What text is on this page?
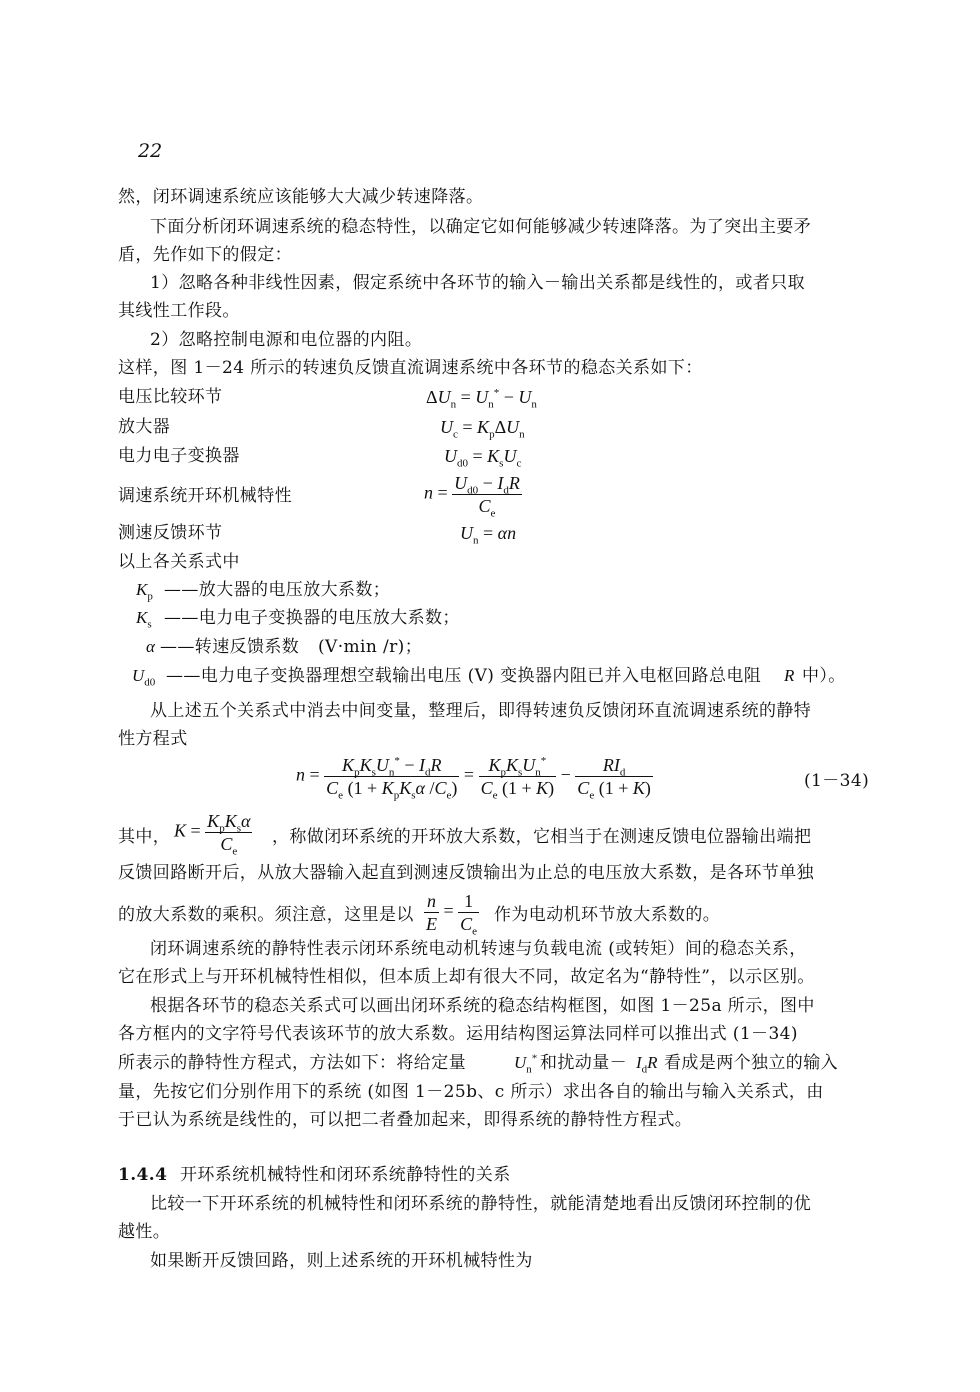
22
然，闭环调速系统应该能够大大减少转速降落。
下面分析闭环调速系统的稳态特性，以确定它如何能够减少转速降落。为了突出主要矛
盾，先作如下的假定：
1）忽略各种非线性因素，假定系统中各环节的输入－输出关系都是线性的，或者只取
其线性工作段。
2）忽略控制电源和电位器的内阻。
这样，图 1－24 所示的转速负反馈直流调速系统中各环节的稳态关系如下：
电压比较环节	$\Delta U_n = U_n^* - U_n$
放大器	$U_c = K_p\Delta U_n$
电力电子变换器	$U_{d0} = K_sU_c$
调速系统开环机械特性	$n = \frac{U_{d0} - I_dR}{C_e}$
测速反馈环节	$U_n = \alpha n$
以上各关系式中
$K_p$ ——放大器的电压放大系数；
$K_s$ ——电力电子变换器的电压放大系数；
α ——转速反馈系数 (V·min /r)；
$U_{d0}$ ——电力电子变换器理想空载输出电压 (V) 变换器内阻已并入电枢回路总电阻 R 中）。
从上述五个关系式中消去中间变量，整理后，即得转速负反馈闭环直流调速系统的静特
性方程式
$n = \frac{K_pK_sU_n^* - I_dR}{C_e (1 + K_pK_s\alpha /C_e)} = \frac{K_pK_sU_n^*}{C_e (1 + K)} - \frac{RI_d}{C_e (1 + K)}$	(1－34)
其中， $K = \frac{K_pK_s\alpha}{C_e}$ ，称做闭环系统的开环放大系数，它相当于在测速反馈电位器输出端把
反馈回路断开后，从放大器输入起直到测速反馈输出为止总的电压放大系数，是各环节单独
的放大系数的乘积。须注意，这里是以 $\frac{n}{E} = \frac{1}{C_e}$ 作为电动机环节放大系数的。
闭环调速系统的静特性表示闭环系统电动机转速与负载电流 (或转矩）间的稳态关系，
它在形式上与开环机械特性相似，但本质上却有很大不同，故定名为“静特性”，以示区别。
根据各环节的稳态关系式可以画出闭环系统的稳态结构框图，如图 1－25a 所示，图中
各方框内的文字符号代表该环节的放大系数。运用结构图运算法同样可以推出式 (1－34)
所表示的静特性方程式，方法如下：将给定量	$U_n^*$ 和扰动量－ $I_dR$ 看成是两个独立的输入
量，先按它们分别作用下的系统 (如图 1－25b、c 所示）求出各自的输出与输入关系式，由
于已认为系统是线性的，可以把二者叠加起来，即得系统的静特性方程式。
1.4.4 开环系统机械特性和闭环系统静特性的关系
比较一下开环系统的机械特性和闭环系统的静特性，就能清楚地看出反馈闭环控制的优
越性。
如果断开反馈回路，则上述系统的开环机械特性为
